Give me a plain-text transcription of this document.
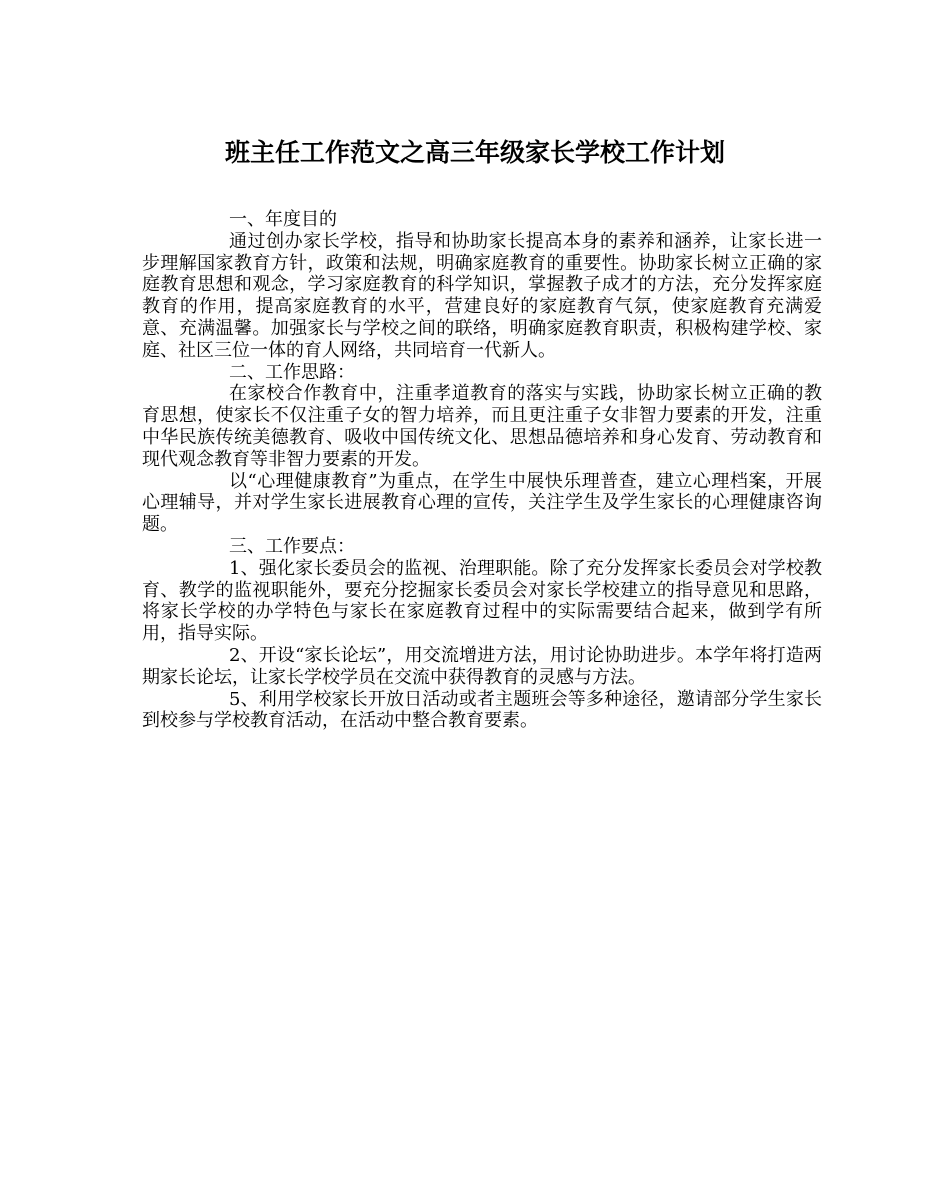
班主任工作范文之高三年级家长学校工作计划

一、年度目的

通过创办家长学校，指导和协助家长提高本身的素养和涵养，让家长进一步理解国家教育方针，政策和法规，明确家庭教育的重要性。协助家长树立正确的家庭教育思想和观念，学习家庭教育的科学知识，掌握教子成才的方法，充分发挥家庭教育的作用，提高家庭教育的水平，营建良好的家庭教育气氛，使家庭教育充满爱意、充满温馨。加强家长与学校之间的联络，明确家庭教育职责，积极构建学校、家庭、社区三位一体的育人网络，共同培育一代新人。

二、工作思路：

在家校合作教育中，注重孝道教育的落实与实践，协助家长树立正确的教育思想，使家长不仅注重子女的智力培养，而且更注重子女非智力要素的开发，注重中华民族传统美德教育、吸收中国传统文化、思想品德培养和身心发育、劳动教育和现代观念教育等非智力要素的开发。

以“心理健康教育”为重点，在学生中展快乐理普查，建立心理档案，开展心理辅导，并对学生家长进展教育心理的宣传，关注学生及学生家长的心理健康咨询题。

三、工作要点：

1、强化家长委员会的监视、治理职能。除了充分发挥家长委员会对学校教育、教学的监视职能外，要充分挖掘家长委员会对家长学校建立的指导意见和思路，将家长学校的办学特色与家长在家庭教育过程中的实际需要结合起来，做到学有所用，指导实际。

2、开设“家长论坛”，用交流增进方法，用讨论协助进步。本学年将打造两期家长论坛，让家长学校学员在交流中获得教育的灵感与方法。

5、利用学校家长开放日活动或者主题班会等多种途径，邀请部分学生家长到校参与学校教育活动，在活动中整合教育要素。
